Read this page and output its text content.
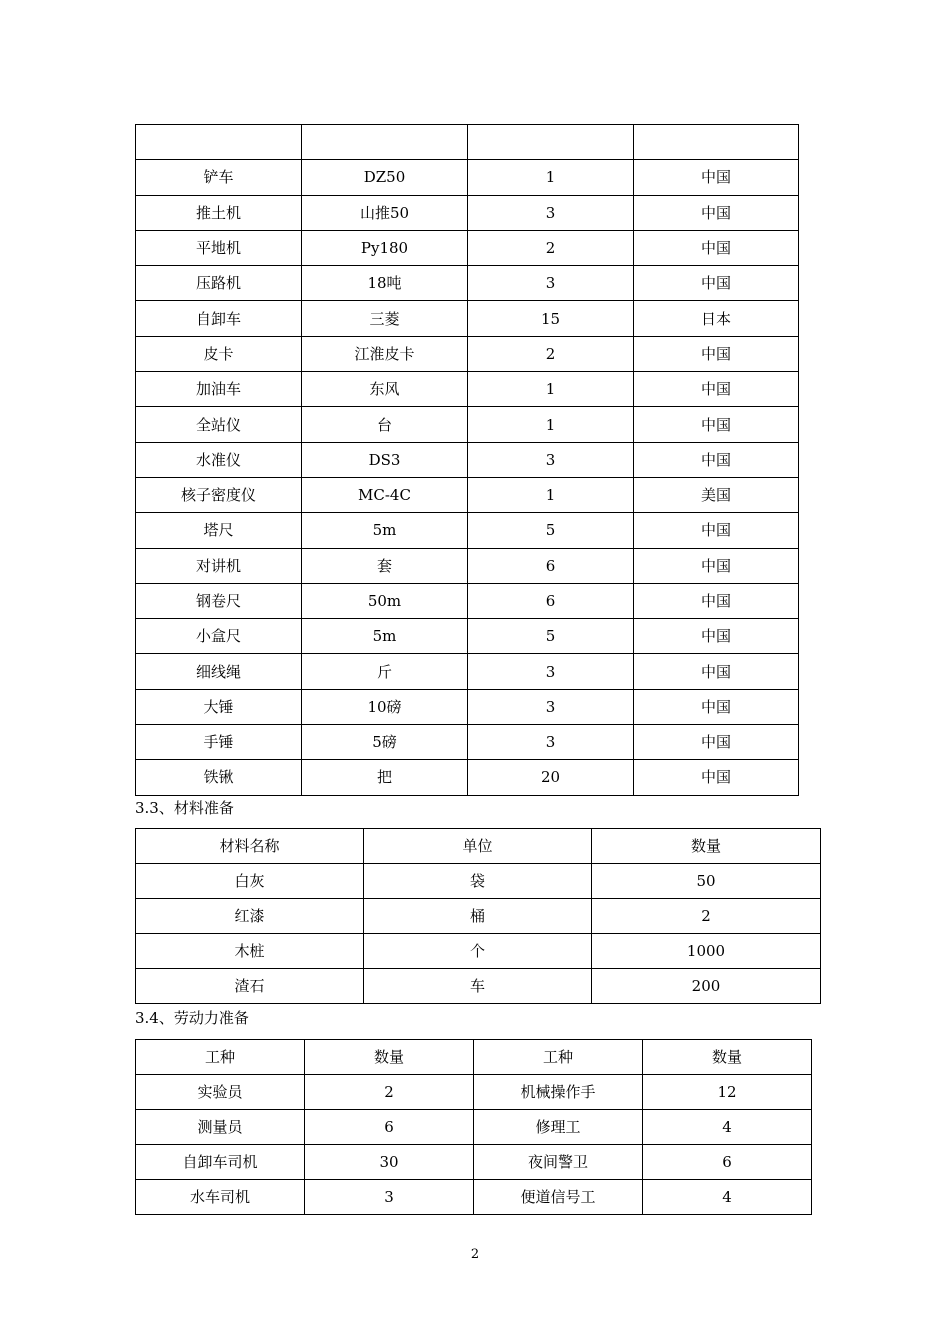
铲车	DZ50	1	中国
推土机	山推50	3	中国
平地机	Py180	2	中国
压路机	18吨	3	中国
自卸车	三菱	15	日本
皮卡	江淮皮卡	2	中国
加油车	东风	1	中国
全站仪	台	1	中国
水准仪	DS3	3	中国
核子密度仪	MC-4C	1	美国
塔尺	5m	5	中国
对讲机	套	6	中国
钢卷尺	50m	6	中国
小盒尺	5m	5	中国
细线绳	斤	3	中国
大锤	10磅	3	中国
手锤	5磅	3	中国
铁锹	把	20	中国

3.3、材料准备

材料名称	单位	数量
白灰	袋	50
红漆	桶	2
木桩	个	1000
渣石	车	200

3.4、劳动力准备

工种	数量	工种	数量
实验员	2	机械操作手	12
测量员	6	修理工	4
自卸车司机	30	夜间警卫	6
水车司机	3	便道信号工	4
2
